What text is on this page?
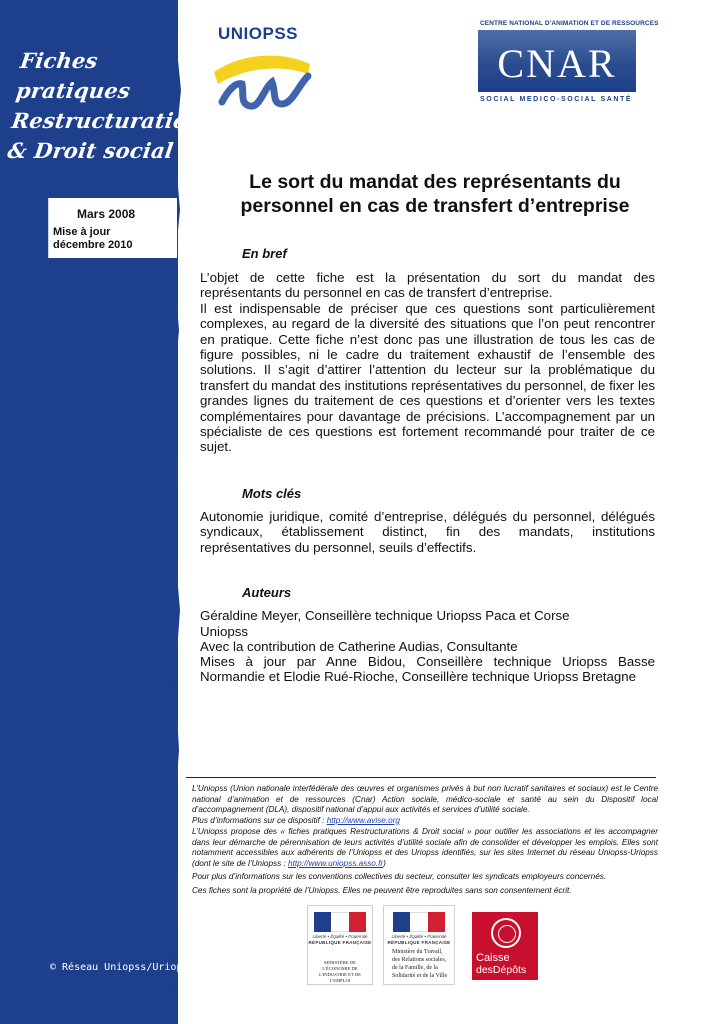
Fiches
pratiques
Restructurations
& Droit social
Mars 2008
Mise à jour
décembre 2010
© Réseau Uniopss/Uriopss
UNIOPSS
CENTRE NATIONAL D'ANIMATION ET DE RESSOURCES
CNAR
SOCIAL MEDICO-SOCIAL SANTÉ
Le sort du mandat des représentants du
personnel en cas de transfert d’entreprise
En bref
L’objet de cette fiche est la présentation du sort du mandat des
représentants du personnel en cas de transfert d’entreprise.
Il est indispensable de préciser que ces questions sont particulièrement
complexes, au regard de la diversité des situations que l’on peut rencontrer
en pratique. Cette fiche n’est donc pas une illustration de tous les cas de
figure possibles, ni le cadre du traitement exhaustif de l’ensemble des
solutions. Il s’agit d’attirer l’attention du lecteur sur la problématique du
transfert du mandat des institutions représentatives du personnel, de fixer les
grandes lignes du traitement de ces questions et d’orienter vers les textes
complémentaires pour davantage de précisions. L’accompagnement par un
spécialiste de ces questions est fortement recommandé pour traiter de ce
sujet.
Mots clés
Autonomie juridique, comité d’entreprise, délégués du personnel, délégués
syndicaux, établissement distinct, fin des mandats, institutions
représentatives du personnel, seuils d’effectifs.
Auteurs
Géraldine Meyer, Conseillère technique Uriopss Paca et Corse
Uniopss
Avec la contribution de Catherine Audias, Consultante
Mises à jour par Anne Bidou, Conseillère technique Uriopss Basse
Normandie et Elodie Rué-Rioche, Conseillère technique Uriopss Bretagne
L’Uniopss (Union nationale interfédérale des œuvres et organismes privés à but non lucratif sanitaires et sociaux) est le Centre national d’animation et de ressources (Cnar) Action sociale, médico-sociale et santé au sein du Dispositif local d’accompagnement (DLA), dispositif national d’appui aux activités et services d’utilité sociale.
Plus d’informations sur ce dispositif : http://www.avise.org
L’Uniopss propose des « fiches pratiques Restructurations & Droit social » pour outiller les associations et les accompagner dans leur démarche de pérennisation de leurs activités d’utilité sociale afin de consolider et développer les emplois. Elles sont notamment accessibles aux adhérents de l’Uniopss et des Uriopss identifiés, sur les sites Internet du réseau Uniopss-Uriopss (dont le site de l’Uniopss : http://www.uniopss.asso.fr)
Pour plus d’informations sur les conventions collectives du secteur, consulter les syndicats employeurs concernés.
Ces fiches sont la propriété de l’Uniopss. Elles ne peuvent être reproduites sans son consentement écrit.
Liberté • Égalité • Fraternité
RÉPUBLIQUE FRANÇAISE
MINISTÈRE DE L'ÉCONOMIE DE L'INDUSTRIE ET DE L'EMPLOI
Liberté • Égalité • Fraternité
RÉPUBLIQUE FRANÇAISE
Ministère du Travail,
des Relations sociales,
de la Famille, de la
Solidarité et de la Ville
Caisse
desDépôts
